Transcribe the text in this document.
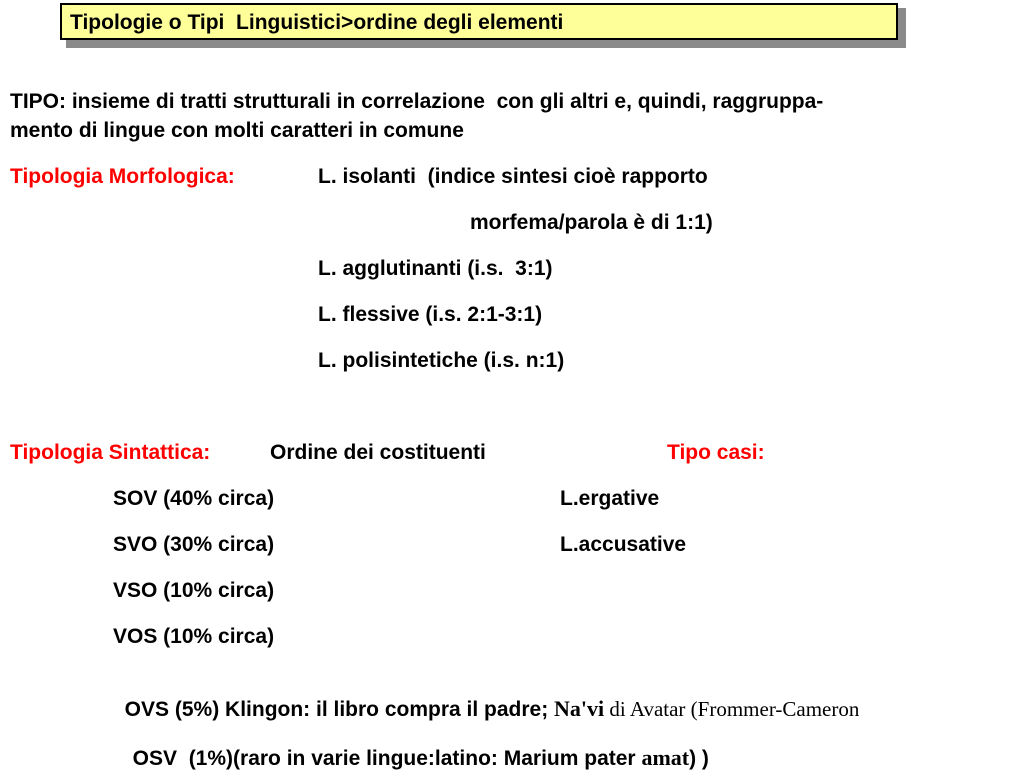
Tipologie o Tipi  Linguistici>ordine degli elementi
TIPO: insieme di tratti strutturali in correlazione  con gli altri e, quindi, raggruppa-
mento di lingue con molti caratteri in comune
Tipologia Morfologica:	L. isolanti  (indice sintesi cioè rapporto
morfema/parola è di 1:1)
L. agglutinanti (i.s.  3:1)
L. flessive (i.s. 2:1-3:1)
L. polisintetiche (i.s. n:1)
Tipologia Sintattica:	Ordine dei costituenti	Tipo casi:
SOV (40% circa)	L.ergative
SVO (30% circa)	L.accusative
VSO (10% circa)
VOS (10% circa)

OVS (5%) Klingon: il libro compra il padre; Na'vi di Avatar (Frommer-Cameron

OSV  (1%)(raro in varie lingue:latino: Marium pater amat) )
